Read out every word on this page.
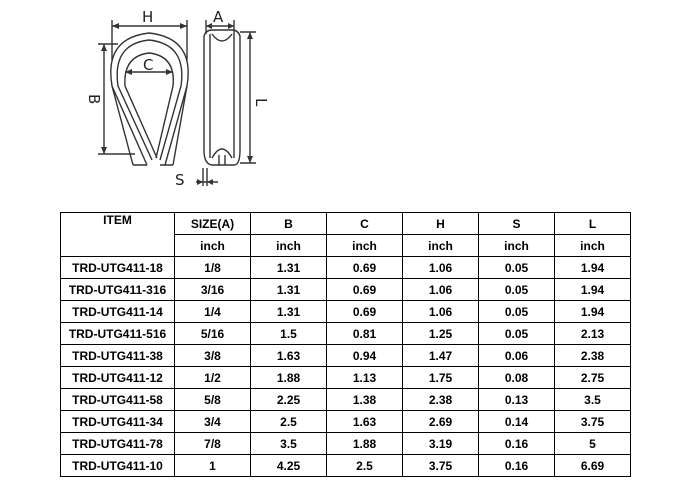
H	A
C
B	L
S
ITEM	SIZE(A)	B	C	H	S	L
	inch	inch	inch	inch	inch	inch
TRD-UTG411-18	1/8	1.31	0.69	1.06	0.05	1.94
TRD-UTG411-316	3/16	1.31	0.69	1.06	0.05	1.94
TRD-UTG411-14	1/4	1.31	0.69	1.06	0.05	1.94
TRD-UTG411-516	5/16	1.5	0.81	1.25	0.05	2.13
TRD-UTG411-38	3/8	1.63	0.94	1.47	0.06	2.38
TRD-UTG411-12	1/2	1.88	1.13	1.75	0.08	2.75
TRD-UTG411-58	5/8	2.25	1.38	2.38	0.13	3.5
TRD-UTG411-34	3/4	2.5	1.63	2.69	0.14	3.75
TRD-UTG411-78	7/8	3.5	1.88	3.19	0.16	5
TRD-UTG411-10	1	4.25	2.5	3.75	0.16	6.69
